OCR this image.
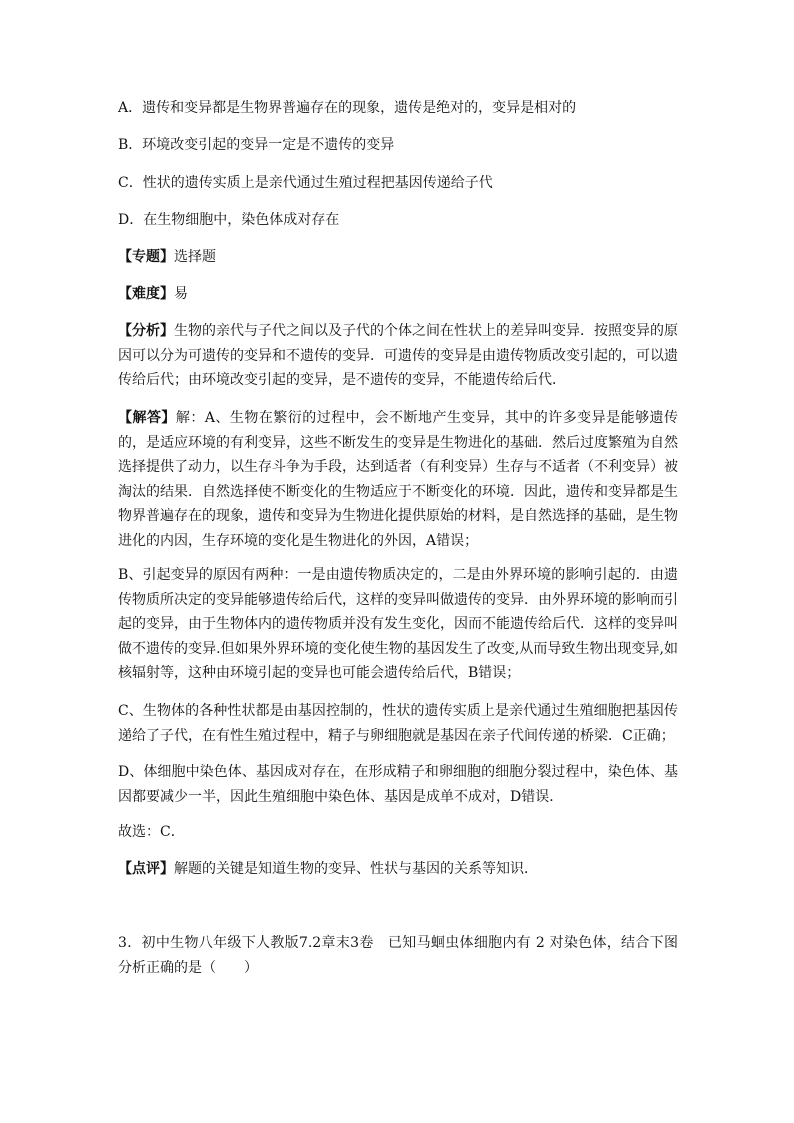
A．遗传和变异都是生物界普遍存在的现象，遗传是绝对的，变异是相对的
B．环境改变引起的变异一定是不遗传的变异
C．性状的遗传实质上是亲代通过生殖过程把基因传递给子代
D．在生物细胞中，染色体成对存在
【专题】选择题
【难度】易
【分析】生物的亲代与子代之间以及子代的个体之间在性状上的差异叫变异．按照变异的原因可以分为可遗传的变异和不遗传的变异．可遗传的变异是由遗传物质改变引起的，可以遗传给后代；由环境改变引起的变异，是不遗传的变异，不能遗传给后代．
【解答】解：A、生物在繁衍的过程中，会不断地产生变异，其中的许多变异是能够遗传的，是适应环境的有利变异，这些不断发生的变异是生物进化的基础．然后过度繁殖为自然选择提供了动力，以生存斗争为手段，达到适者（有利变异）生存与不适者（不利变异）被淘汰的结果．自然选择使不断变化的生物适应于不断变化的环境．因此，遗传和变异都是生物界普遍存在的现象，遗传和变异为生物进化提供原始的材料，是自然选择的基础，是生物进化的内因，生存环境的变化是生物进化的外因，A错误；
B、引起变异的原因有两种：一是由遗传物质决定的，二是由外界环境的影响引起的．由遗传物质所决定的变异能够遗传给后代，这样的变异叫做遗传的变异．由外界环境的影响而引起的变异，由于生物体内的遗传物质并没有发生变化，因而不能遗传给后代．这样的变异叫做不遗传的变异.但如果外界环境的变化使生物的基因发生了改变,从而导致生物出现变异,如核辐射等，这种由环境引起的变异也可能会遗传给后代，B错误；
C、生物体的各种性状都是由基因控制的，性状的遗传实质上是亲代通过生殖细胞把基因传递给了子代，在有性生殖过程中，精子与卵细胞就是基因在亲子代间传递的桥梁．C正确；
D、体细胞中染色体、基因成对存在，在形成精子和卵细胞的细胞分裂过程中，染色体、基因都要减少一半，因此生殖细胞中染色体、基因是成单不成对，D错误．
故选：C．
【点评】解题的关键是知道生物的变异、性状与基因的关系等知识．
3．初中生物八年级下人教版7.2章末3卷　已知马蛔虫体细胞内有 2 对染色体，结合下图分析正确的是（　　）
